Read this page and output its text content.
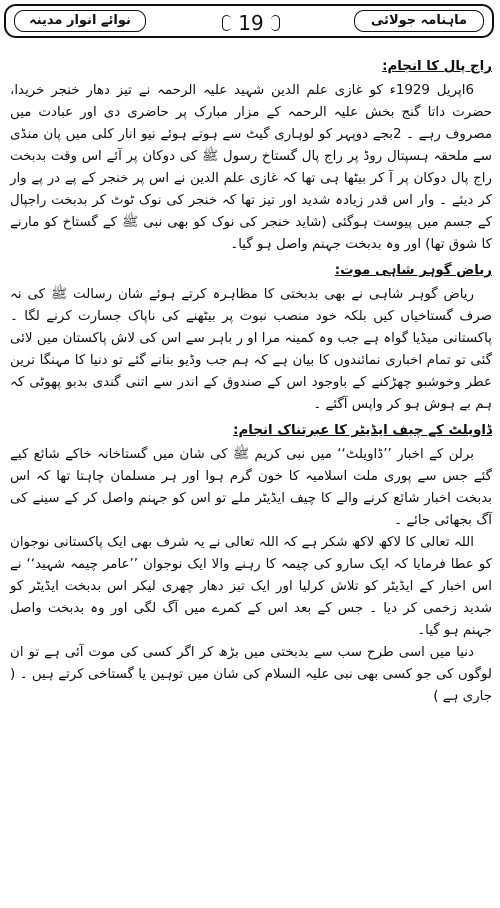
ماہنامہ جولائی
19
نوائے انوار مدینہ
راج پال کا انجام:

6اپریل 1929ء کو غازی علم الدین شہید علیہ الرحمہ نے تیز دھار خنجر خریدا، حضرت داتا گنج بخش علیہ الرحمہ کے مزار مبارک پر حاضری دی اور عبادت میں مصروف رہے ۔ 2بجے دوپہر کو لوہاری گیٹ سے ہوتے ہوئے نیو انار کلی میں پان منڈی سے ملحقہ ہسپتال روڈ پر راج پال گستاخ رسول ﷺ کی دوکان پر آئے اس وقت بدبخت راج پال دوکان پر آ کر بیٹھا ہی تھا کہ غازی علم الدین نے اس پر خنجر کے پے در پے وار کر دیئے ۔ وار اس قدر زیادہ شدید اور تیز تھا کہ خنجر کی نوک ٹوٹ کر بدبخت راجپال کے جسم میں پیوست ہوگئی (شاید خنجر کی نوک کو بھی نبی ﷺ کے گستاخ کو مارنے کا شوق تھا) اور وہ بدبخت جہنم واصل ہو گیا۔

ریاض گوہر شاہی موت:

ریاض گوہر شاہی نے بھی بدبختی کا مظاہرہ کرتے ہوئے شان رسالت ﷺ کی نہ صرف گستاخیاں کیں بلکہ خود منصب نبوت پر بیٹھنے کی ناپاک جسارت کرنے لگا ۔ پاکستانی میڈیا گواہ ہے جب وہ کمینہ مرا او ر باہر سے اس کی لاش پاکستان میں لائی گئی تو تمام اخباری نمائندوں کا بیان ہے کہ ہم جب وڈیو بنانے گئے تو دنیا کا مہنگا ترین عطر وخوشبو چھڑکنے کے باوجود اس کے صندوق کے اندر سے اتنی گندی بدبو پھوٹی کہ ہم بے ہوش ہو کر واپس آگئے ۔

ڈاویلٹ کے چیف ایڈیٹر کا عبرتناک انجام:

برلن کے اخبار ’’ڈاویلٹ‘‘ میں نبی کریم ﷺ کی شان میں گستاخانہ خاکے شائع کیے گئے جس سے پوری ملت اسلامیہ کا خون گرم ہوا اور ہر مسلمان چاہتا تھا کہ اس بدبخت اخبار شائع کرنے والے کا چیف ایڈیٹر ملے تو اس کو جہنم واصل کر کے سینے کی آگ بجھائی جائے ۔

اللہ تعالی کا لاکھ لاکھ شکر ہے کہ اللہ تعالی نے یہ شرف بھی ایک پاکستانی نوجوان کو عطا فرمایا کہ ایک سارو کی چیمہ کا رہنے والا ایک نوجوان ’’عامر چیمہ شہید‘‘ نے اس اخبار کے ایڈیٹر کو تلاش کرلیا اور ایک تیز دھار چھری لیکر اس بدبخت ایڈیٹر کو شدید زخمی کر دیا ۔ جس کے بعد اس کے کمرے میں آگ لگی اور وہ بدبخت واصل جہنم ہو گیا۔

دنیا میں اسی طرح سب سے بدبختی میں بڑھ کر اگر کسی کی موت آئی ہے تو ان لوگوں کی جو کسی بھی نبی علیہ السلام کی شان میں توہین یا گستاخی کرتے ہیں ۔ ( جاری ہے )
